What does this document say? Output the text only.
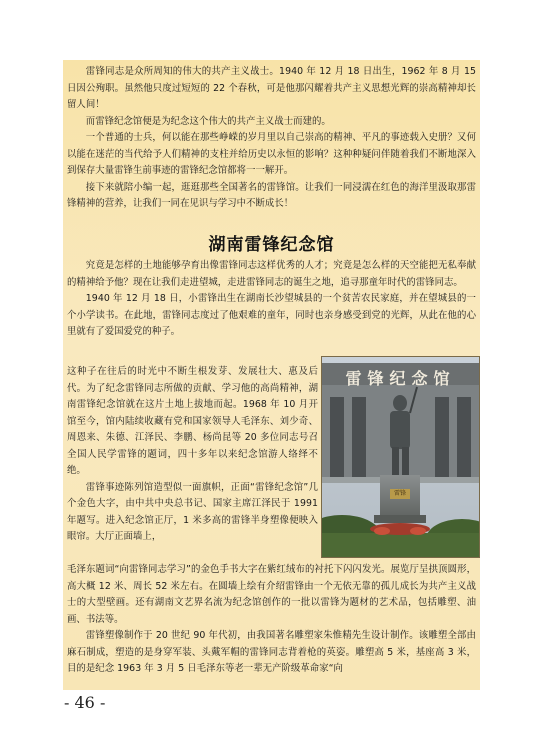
雷锋同志是众所周知的伟大的共产主义战士。1940 年 12 月 18 日出生，1962 年 8 月 15 日因公殉职。虽然他只度过短短的 22 个春秋，可是他那闪耀着共产主义思想光辉的崇高精神却长留人间！

而雷锋纪念馆便是为纪念这个伟大的共产主义战士而建的。

一个普通的士兵，何以能在那些峥嵘的岁月里以自己崇高的精神、平凡的事迹载入史册？又何以能在迷茫的当代给予人们精神的支柱并给历史以永恒的影响？这种种疑问伴随着我们不断地深入到保存大量雷锋生前事迹的雷锋纪念馆都将一一解开。

接下来就陪小编一起，逛逛那些全国著名的雷锋馆。让我们一同浸濡在红色的海洋里汲取那雷锋精神的营养，让我们一同在见识与学习中不断成长！

湖南雷锋纪念馆

究竟是怎样的土地能够孕育出像雷锋同志这样优秀的人才；究竟是怎么样的天空能把无私奉献的精神给予他？现在让我们走进望城，走进雷锋同志的诞生之地，追寻那童年时代的雷锋同志。

1940 年 12 月 18 日，小雷锋出生在湖南长沙望城县的一个贫苦农民家庭，并在望城县的一个小学读书。在此地，雷锋同志度过了他艰难的童年，同时也亲身感受到党的光辉，从此在他的心里就有了爱国爱党的种子。

这种子在往后的时光中不断生根发芽、发展壮大、惠及后代。为了纪念雷锋同志所做的贡献、学习他的高尚精神，湖南雷锋纪念馆就在这片土地上拔地而起。1968 年 10 月开馆至今，馆内陆续收藏有党和国家领导人毛泽东、刘少奇、周恩来、朱德、江泽民、李鹏、杨尚昆等 20 多位同志号召全国人民学雷锋的题词，四十多年以来纪念馆游人络绎不绝。

雷锋事迹陈列馆造型似一面旗帜，正面“雷锋纪念馆”几个金色大字，由中共中央总书记、国家主席江泽民于 1991 年题写。进入纪念馆正厅，1 米多高的雷锋半身塑像便映入眼帘。大厅正面墙上，

雷锋纪念馆
雷锋

毛泽东题词“向雷锋同志学习”的金色手书大字在紫红绒布的衬托下闪闪发光。展览厅呈拱顶圆形，高大概 12 米、周长 52 米左右。在圆墙上绘有介绍雷锋由一个无依无靠的孤儿成长为共产主义战士的大型壁画。还有湖南文艺界名流为纪念馆创作的一批以雷锋为题材的艺术品，包括雕塑、油画、书法等。

雷锋塑像制作于 20 世纪 90 年代初，由我国著名雕塑家朱惟精先生设计制作。该雕塑全部由麻石制成，塑造的是身穿军装、头戴军帽的雷锋同志背着枪的英姿。雕塑高 5 米，基座高 3 米，目的是纪念 1963 年 3 月 5 日毛泽东等老一辈无产阶级革命家“向

- 46 -
